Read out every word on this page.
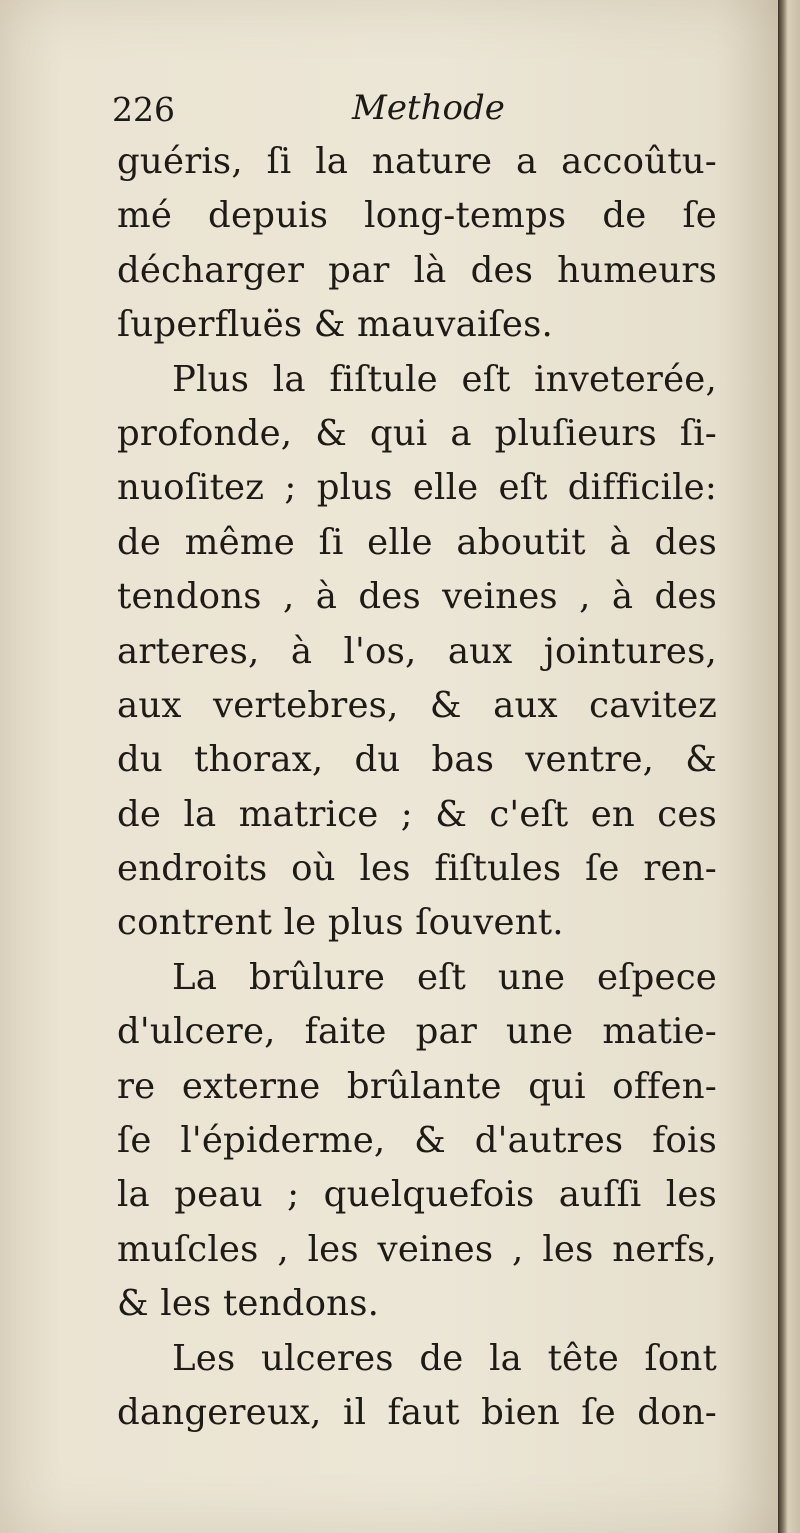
226	Methode
guéris, ſi la nature a accoûtu-
mé depuis long-temps de ſe
décharger par là des humeurs
ſuperfluës & mauvaiſes.
Plus la fiſtule eſt inveterée,
profonde, & qui a pluſieurs ſi-
nuoſitez ; plus elle eſt difficile:
de même ſi elle aboutit à des
tendons , à des veines , à des
arteres, à l'os, aux jointures,
aux vertebres, & aux cavitez
du thorax, du bas ventre, &
de la matrice ; & c'eſt en ces
endroits où les fiſtules ſe ren-
contrent le plus ſouvent.
La brûlure eſt une eſpece
d'ulcere, faite par une matie-
re externe brûlante qui offen-
ſe l'épiderme, & d'autres fois
la peau ; quelquefois auſſi les
muſcles , les veines , les nerfs,
& les tendons.
Les ulceres de la tête ſont
dangereux, il faut bien ſe don-
